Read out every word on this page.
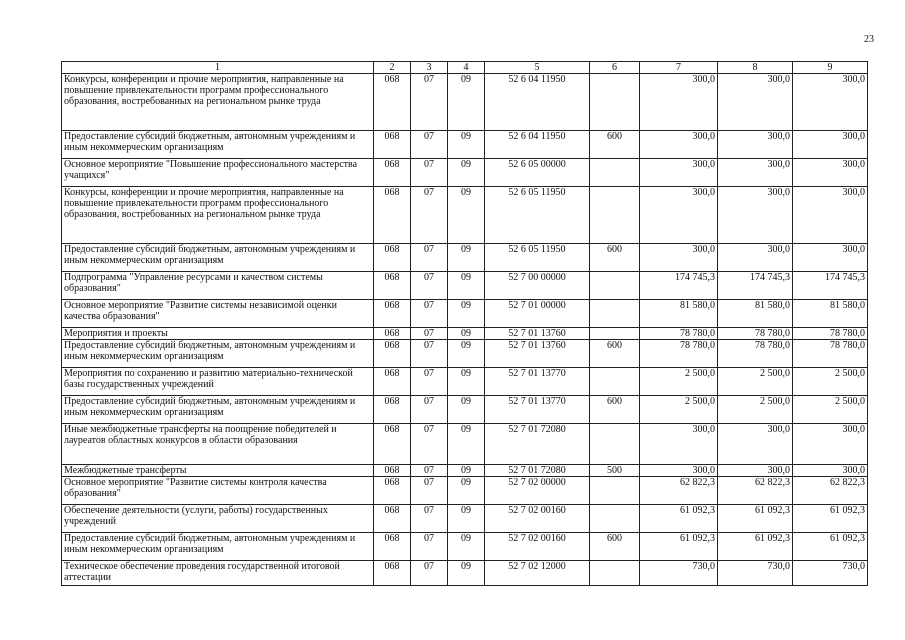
23
1	2	3	4	5	6	7	8	9
Конкурсы, конференции и прочие мероприятия, направленные на повышение привлекательности программ профессионального образования, востребованных на региональном рынке труда	068	07	09	52 6 04 11950		300,0	300,0	300,0
Предоставление субсидий бюджетным, автономным учреждениям и иным некоммерческим организациям	068	07	09	52 6 04 11950	600	300,0	300,0	300,0
Основное мероприятие "Повышение профессионального мастерства учащихся"	068	07	09	52 6 05 00000		300,0	300,0	300,0
Конкурсы, конференции и прочие мероприятия, направленные на повышение привлекательности программ профессионального образования, востребованных на региональном рынке труда	068	07	09	52 6 05 11950		300,0	300,0	300,0
Предоставление субсидий бюджетным, автономным учреждениям и иным некоммерческим организациям	068	07	09	52 6 05 11950	600	300,0	300,0	300,0
Подпрограмма "Управление ресурсами и качеством системы образования"	068	07	09	52 7 00 00000		174 745,3	174 745,3	174 745,3
Основное мероприятие "Развитие системы независимой оценки качества образования"	068	07	09	52 7 01 00000		81 580,0	81 580,0	81 580,0
Мероприятия и проекты	068	07	09	52 7 01 13760		78 780,0	78 780,0	78 780,0
Предоставление субсидий бюджетным, автономным учреждениям и иным некоммерческим организациям	068	07	09	52 7 01 13760	600	78 780,0	78 780,0	78 780,0
Мероприятия по сохранению и развитию материально-технической базы государственных учреждений	068	07	09	52 7 01 13770		2 500,0	2 500,0	2 500,0
Предоставление субсидий бюджетным, автономным учреждениям и иным некоммерческим организациям	068	07	09	52 7 01 13770	600	2 500,0	2 500,0	2 500,0
Иные межбюджетные трансферты на поощрение победителей и лауреатов областных конкурсов в области образования	068	07	09	52 7 01 72080		300,0	300,0	300,0
Межбюджетные трансферты	068	07	09	52 7 01 72080	500	300,0	300,0	300,0
Основное мероприятие "Развитие системы контроля качества образования"	068	07	09	52 7 02 00000		62 822,3	62 822,3	62 822,3
Обеспечение деятельности (услуги, работы) государственных учреждений	068	07	09	52 7 02 00160		61 092,3	61 092,3	61 092,3
Предоставление субсидий бюджетным, автономным учреждениям и иным некоммерческим организациям	068	07	09	52 7 02 00160	600	61 092,3	61 092,3	61 092,3
Техническое обеспечение проведения государственной итоговой аттестации	068	07	09	52 7 02 12000		730,0	730,0	730,0
